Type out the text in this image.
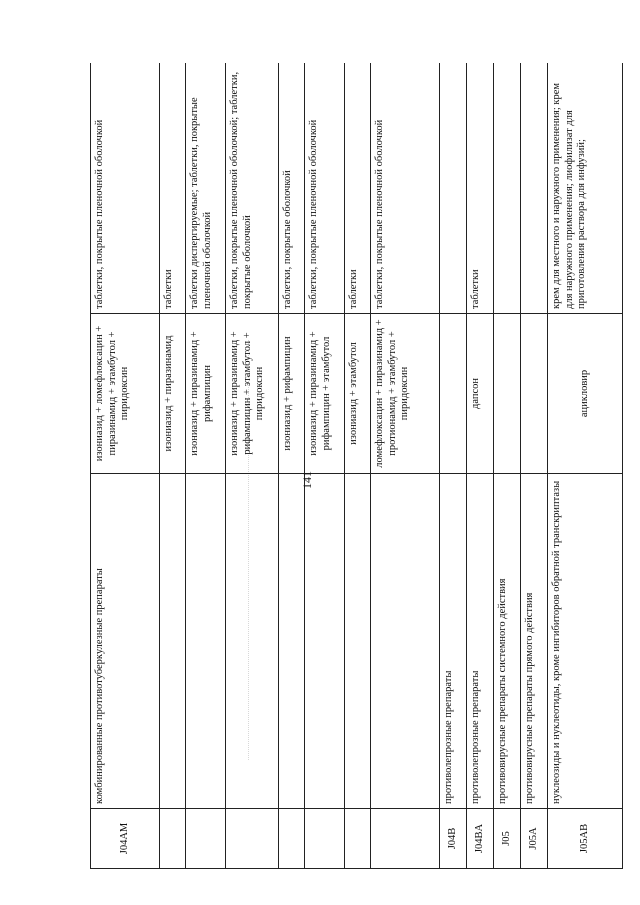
J04AM	комбинированные противотуберкулезные препараты	изониазид + ломефлоксацин + пиразинамид + этамбутол + пиридоксин	таблетки, покрытые пленочной оболочкой
		изониазид + пиразинамид	таблетки
		изониазид + пиразинамид + рифампицин	таблетки диспергируемые; таблетки, покрытые пленочной оболочкой
		изониазид + пиразинамид + рифампицин + этамбутол + пиридоксин	таблетки, покрытые пленочной оболочкой; таблетки, покрытые оболочкой
		изониазид + рифампицин	таблетки, покрытые оболочкой
		изониазид + пиразинамид + рифампицин + этамбутол	таблетки, покрытые пленочной оболочкой
		изониазид + этамбутол	таблетки
		ломефлоксацин + пиразинамид + протионамид + этамбутол + пиридоксин	таблетки, покрытые пленочной оболочкой
J04B	противолепрозные препараты		
J04BA	противолепрозные препараты	дапсон	таблетки
J05	противовирусные препараты системного действия		
J05A	противовирусные препараты прямого действия		
J05AB	нуклеозиды и нуклеотиды, кроме ингибиторов обратной транскриптазы	ацикловир	крем для местного и наружного применения; крем для наружного применения; лиофилизат для приготовления раствора для инфузий;
141
